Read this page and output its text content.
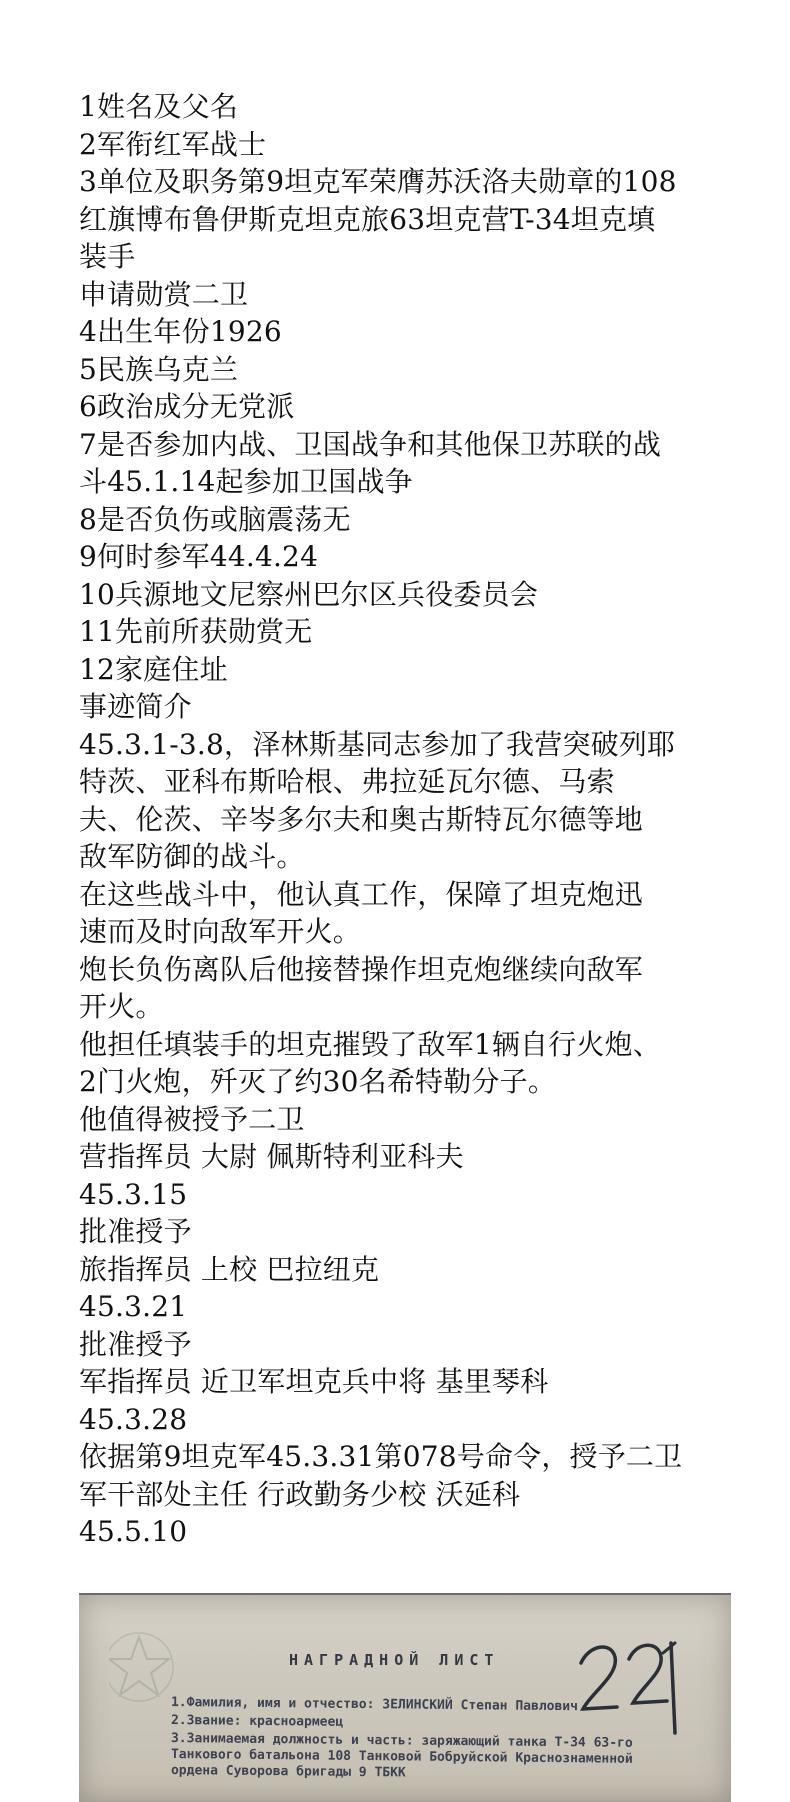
1姓名及父名

2军衔红军战士

3单位及职务第9坦克军荣膺苏沃洛夫勋章的108

红旗博布鲁伊斯克坦克旅63坦克营T-34坦克填

装手

申请勋赏二卫

4出生年份1926

5民族乌克兰

6政治成分无党派

7是否参加内战、卫国战争和其他保卫苏联的战

斗45.1.14起参加卫国战争

8是否负伤或脑震荡无

9何时参军44.4.24

10兵源地文尼察州巴尔区兵役委员会

11先前所获勋赏无

12家庭住址

事迹简介

45.3.1-3.8，泽林斯基同志参加了我营突破列耶

特茨、亚科布斯哈根、弗拉延瓦尔德、马索

夫、伦茨、辛岑多尔夫和奥古斯特瓦尔德等地

敌军防御的战斗。

在这些战斗中，他认真工作，保障了坦克炮迅

速而及时向敌军开火。

炮长负伤离队后他接替操作坦克炮继续向敌军

开火。

他担任填装手的坦克摧毁了敌军1辆自行火炮、

2门火炮，歼灭了约30名希特勒分子。

他值得被授予二卫

营指挥员 大尉 佩斯特利亚科夫

45.3.15

批准授予

旅指挥员 上校 巴拉纽克

45.3.21

批准授予

军指挥员 近卫军坦克兵中将 基里琴科

45.3.28

依据第9坦克军45.3.31第078号命令，授予二卫

军干部处主任 行政勤务少校 沃延科

45.5.10

НАГРАДНОЙ ЛИСТ
1.Фамилия, имя и отчество: ЗЕЛИНСКИЙ Степан Павлович
2.Звание: красноармеец
3.Занимаемая должность и часть: заряжающий танка Т-34 63-го
Танкового батальона 108 Танковой Бобруйской Краснознаменной
ордена Суворова бригады 9 ТБКК
